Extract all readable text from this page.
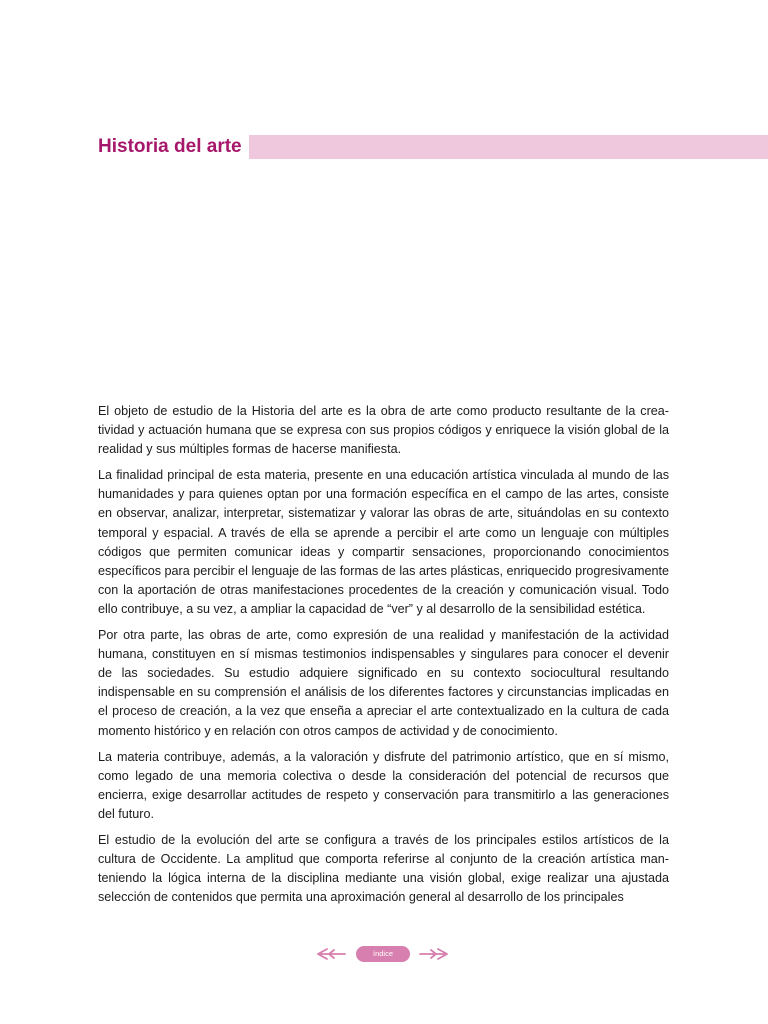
Historia del arte

El objeto de estudio de la Historia del arte es la obra de arte como producto resultante de la creatividad y actuación humana que se expresa con sus propios códigos y enriquece la visión global de la realidad y sus múltiples formas de hacerse manifiesta.

La finalidad principal de esta materia, presente en una educación artística vinculada al mundo de las humanidades y para quienes optan por una formación específica en el campo de las artes, consiste en observar, analizar, interpretar, sistematizar y valorar las obras de arte, situándolas en su contexto temporal y espacial. A través de ella se aprende a percibir el arte como un lenguaje con múltiples códigos que permiten comunicar ideas y compartir sensaciones, proporcionando conocimientos específicos para percibir el lenguaje de las formas de las artes plásticas, enriquecido progresivamente con la aportación de otras manifestaciones procedentes de la creación y comunicación visual. Todo ello contribuye, a su vez, a ampliar la capacidad de “ver” y al desarrollo de la sensibilidad estética.

Por otra parte, las obras de arte, como expresión de una realidad y manifestación de la actividad humana, constituyen en sí mismas testimonios indispensables y singulares para conocer el devenir de las sociedades. Su estudio adquiere significado en su contexto sociocultural resultando indispensable en su comprensión el análisis de los diferentes factores y circunstancias implicadas en el proceso de creación, a la vez que enseña a apreciar el arte contextualizado en la cultura de cada momento histórico y en relación con otros campos de actividad y de conocimiento.

La materia contribuye, además, a la valoración y disfrute del patrimonio artístico, que en sí mismo, como legado de una memoria colectiva o desde la consideración del potencial de recursos que encierra, exige desarrollar actitudes de respeto y conservación para transmitirlo a las generaciones del futuro.

El estudio de la evolución del arte se configura a través de los principales estilos artísticos de la cultura de Occidente. La amplitud que comporta referirse al conjunto de la creación artística manteniendo la lógica interna de la disciplina mediante una visión global, exige realizar una ajustada selección de contenidos que permita una aproximación general al desarrollo de los principales

índice
